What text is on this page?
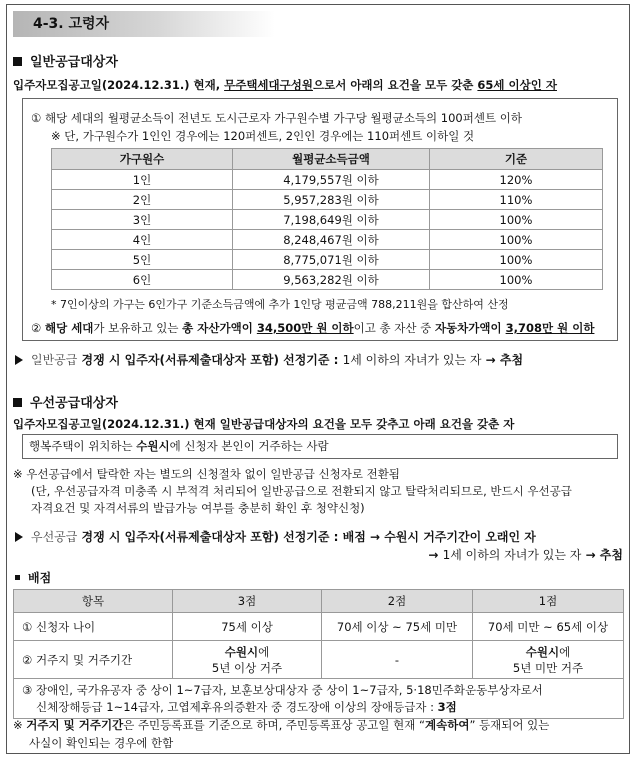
4-3. 고령자
일반공급대상자
입주자모집공고일(2024.12.31.) 현재, 무주택세대구성원으로서 아래의 요건을 모두 갖춘 65세 이상인 자
① 해당 세대의 월평균소득이 전년도 도시근로자 가구원수별 가구당 월평균소득의 100퍼센트 이하
※ 단, 가구원수가 1인인 경우에는 120퍼센트, 2인인 경우에는 110퍼센트 이하일 것
가구원수	월평균소득금액	기준
1인	4,179,557원 이하	120%
2인	5,957,283원 이하	110%
3인	7,198,649원 이하	100%
4인	8,248,467원 이하	100%
5인	8,775,071원 이하	100%
6인	9,563,282원 이하	100%
* 7인이상의 가구는 6인가구 기준소득금액에 추가 1인당 평균금액 788,211원을 합산하여 산정
② 해당 세대가 보유하고 있는 총 자산가액이 34,500만 원 이하이고 총 자산 중 자동차가액이 3,708만 원 이하
일반공급 경쟁 시 입주자(서류제출대상자 포함) 선정기준 : 1세 이하의 자녀가 있는 자 → 추첨
우선공급대상자
입주자모집공고일(2024.12.31.) 현재 일반공급대상자의 요건을 모두 갖추고 아래 요건을 갖춘 자
행복주택이 위치하는 수원시에 신청자 본인이 거주하는 사람
※ 우선공급에서 탈락한 자는 별도의 신청절차 없이 일반공급 신청자로 전환됨
(단, 우선공급자격 미충족 시 부적격 처리되어 일반공급으로 전환되지 않고 탈락처리되므로, 반드시 우선공급
자격요건 및 자격서류의 발급가능 여부를 충분히 확인 후 청약신청)
우선공급 경쟁 시 입주자(서류제출대상자 포함) 선정기준 : 배점 → 수원시 거주기간이 오래인 자
→ 1세 이하의 자녀가 있는 자 → 추첨
배점
항목	3점	2점	1점
① 신청자 나이	75세 이상	70세 이상 ~ 75세 미만	70세 미만 ~ 65세 이상
② 거주지 및 거주기간	수원시에
5년 이상 거주	-	수원시에
5년 미만 거주
③ 장애인, 국가유공자 중 상이 1~7급자, 보훈보상대상자 중 상이 1~7급자, 5·18민주화운동부상자로서
신체장해등급 1~14급자, 고엽제후유의증환자 중 경도장애 이상의 장애등급자 : 3점			
※ 거주지 및 거주기간은 주민등록표를 기준으로 하며, 주민등록표상 공고일 현재 “계속하여” 등재되어 있는
사실이 확인되는 경우에 한함
